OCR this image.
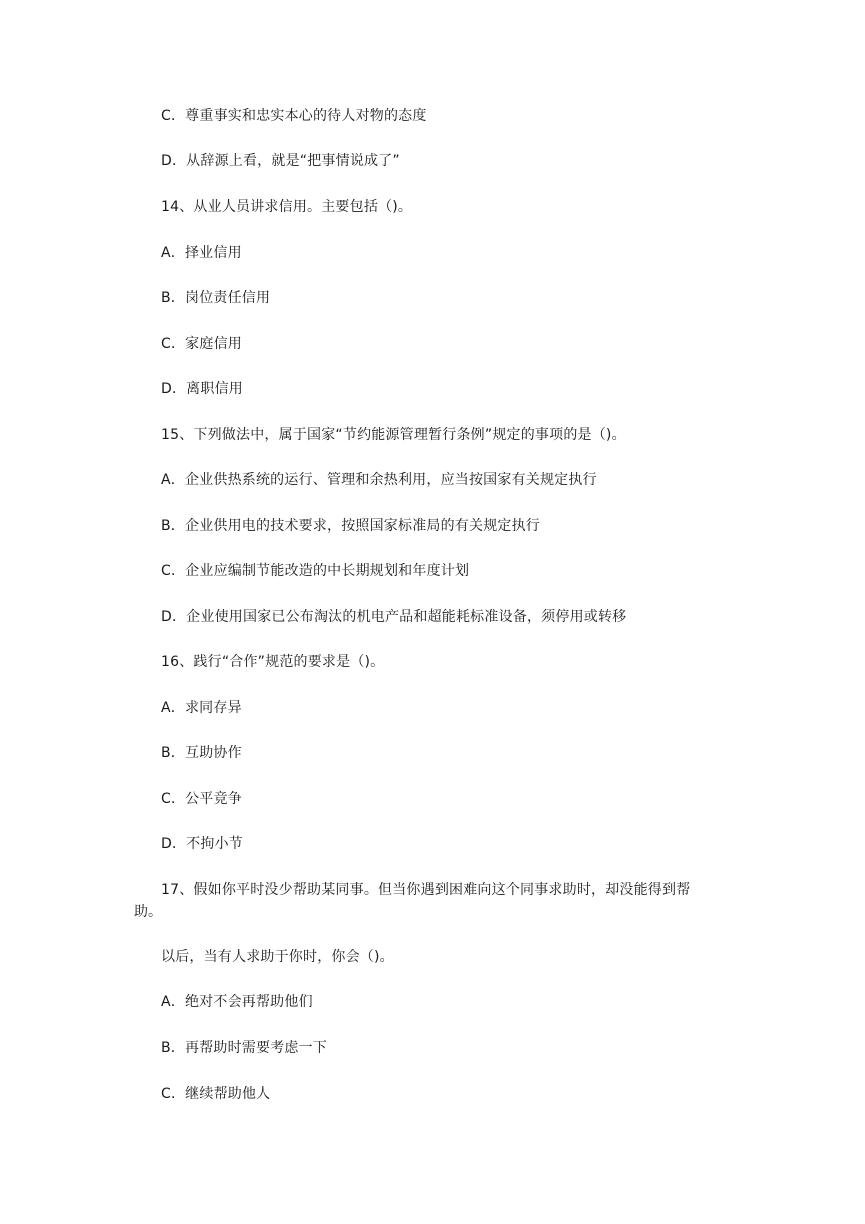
C．尊重事实和忠实本心的待人对物的态度
D．从辞源上看，就是“把事情说成了”
14、从业人员讲求信用。主要包括（)。
A．择业信用
B．岗位责任信用
C．家庭信用
D．离职信用
15、下列做法中，属于国家“节约能源管理暂行条例”规定的事项的是（)。
A．企业供热系统的运行、管理和余热利用，应当按国家有关规定执行
B．企业供用电的技术要求，按照国家标准局的有关规定执行
C．企业应编制节能改造的中长期规划和年度计划
D．企业使用国家已公布淘汰的机电产品和超能耗标准设备，须停用或转移
16、践行“合作”规范的要求是（)。
A．求同存异
B．互助协作
C．公平竞争
D．不拘小节
17、假如你平时没少帮助某同事。但当你遇到困难向这个同事求助时，却没能得到帮
助。
以后，当有人求助于你时，你会（)。
A．绝对不会再帮助他们
B．再帮助时需要考虑一下
C．继续帮助他人
